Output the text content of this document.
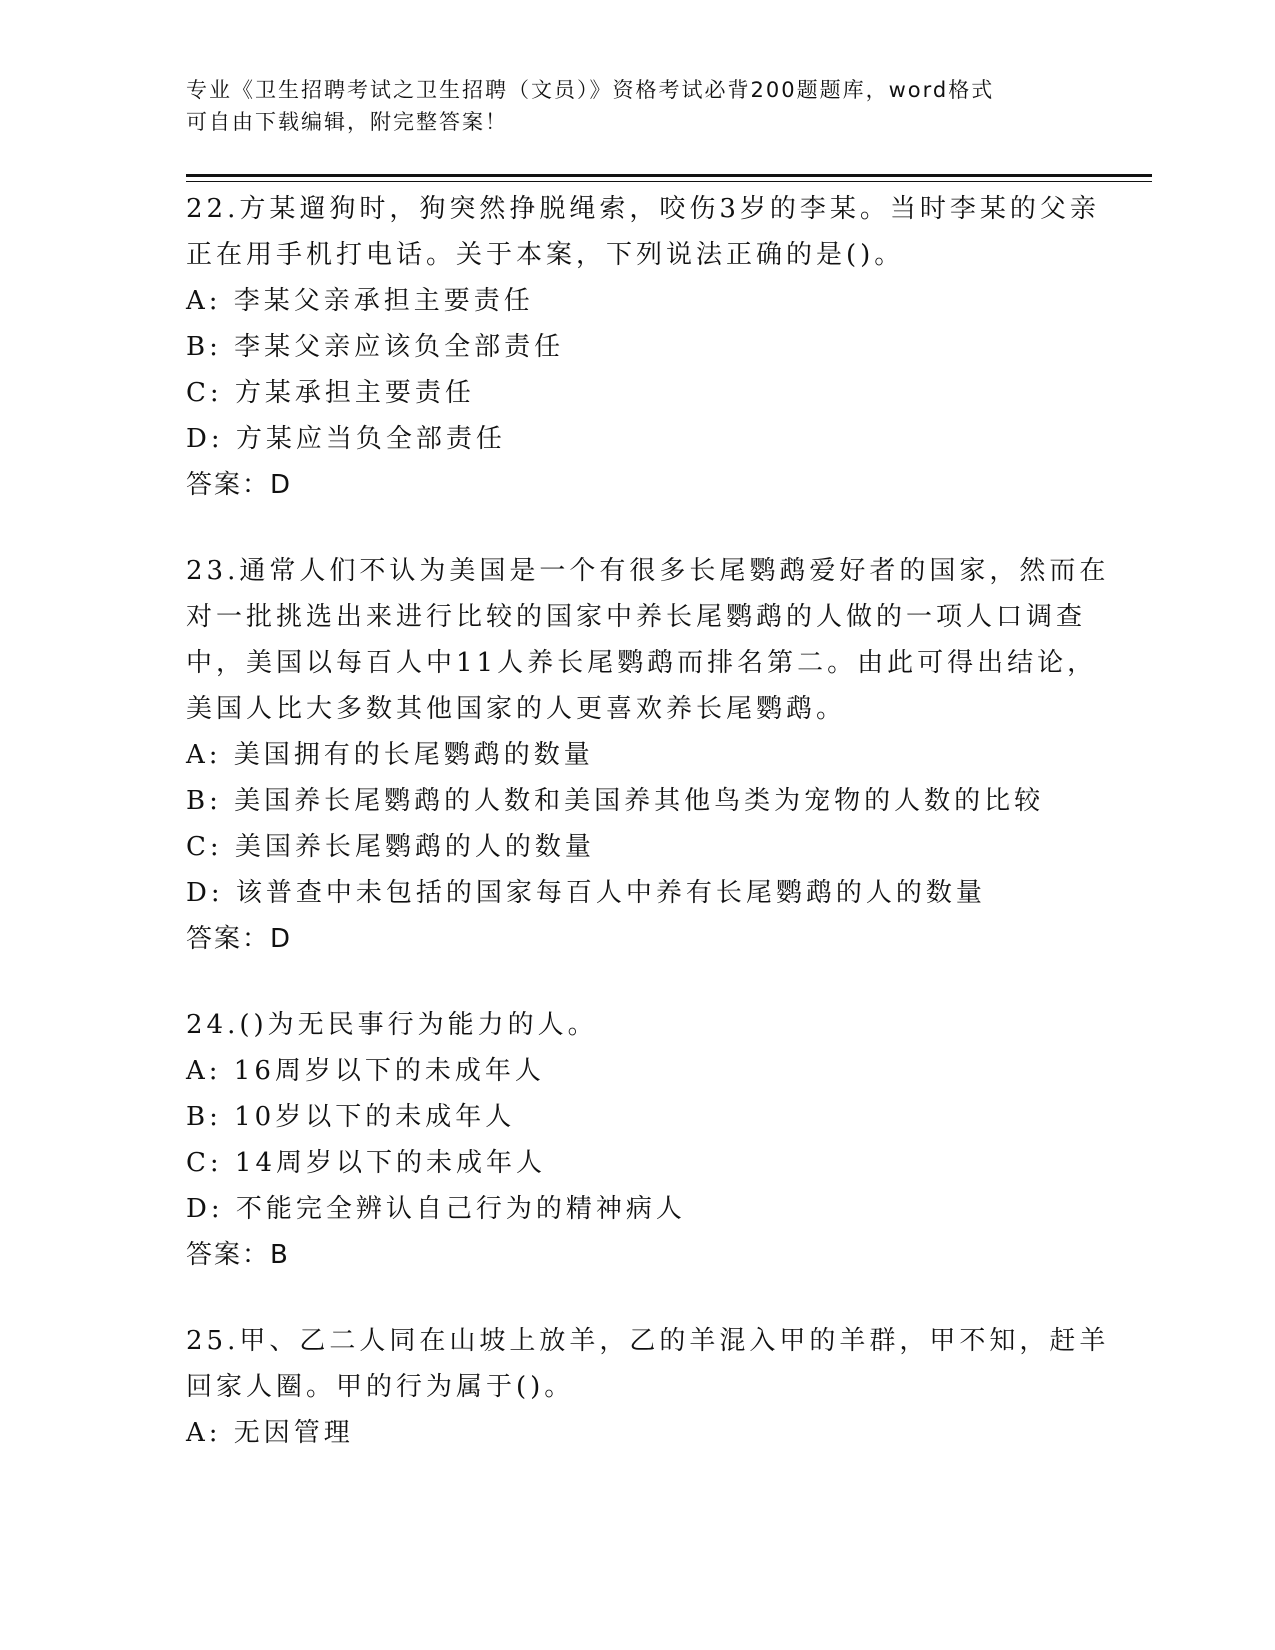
专业《卫生招聘考试之卫生招聘（文员）》资格考试必背200题题库，word格式
可自由下载编辑，附完整答案！
22.方某遛狗时，狗突然挣脱绳索，咬伤3岁的李某。当时李某的父亲
正在用手机打电话。关于本案，下列说法正确的是()。
A: 李某父亲承担主要责任
B: 李某父亲应该负全部责任
C: 方某承担主要责任
D: 方某应当负全部责任
答案：D
23.通常人们不认为美国是一个有很多长尾鹦鹉爱好者的国家，然而在
对一批挑选出来进行比较的国家中养长尾鹦鹉的人做的一项人口调查
中，美国以每百人中11人养长尾鹦鹉而排名第二。由此可得出结论，
美国人比大多数其他国家的人更喜欢养长尾鹦鹉。
A: 美国拥有的长尾鹦鹉的数量
B: 美国养长尾鹦鹉的人数和美国养其他鸟类为宠物的人数的比较
C: 美国养长尾鹦鹉的人的数量
D: 该普查中未包括的国家每百人中养有长尾鹦鹉的人的数量
答案：D
24.()为无民事行为能力的人。
A: 16周岁以下的未成年人
B: 10岁以下的未成年人
C: 14周岁以下的未成年人
D: 不能完全辨认自己行为的精神病人
答案：B
25.甲、乙二人同在山坡上放羊，乙的羊混入甲的羊群，甲不知，赶羊
回家人圈。甲的行为属于()。
A: 无因管理
